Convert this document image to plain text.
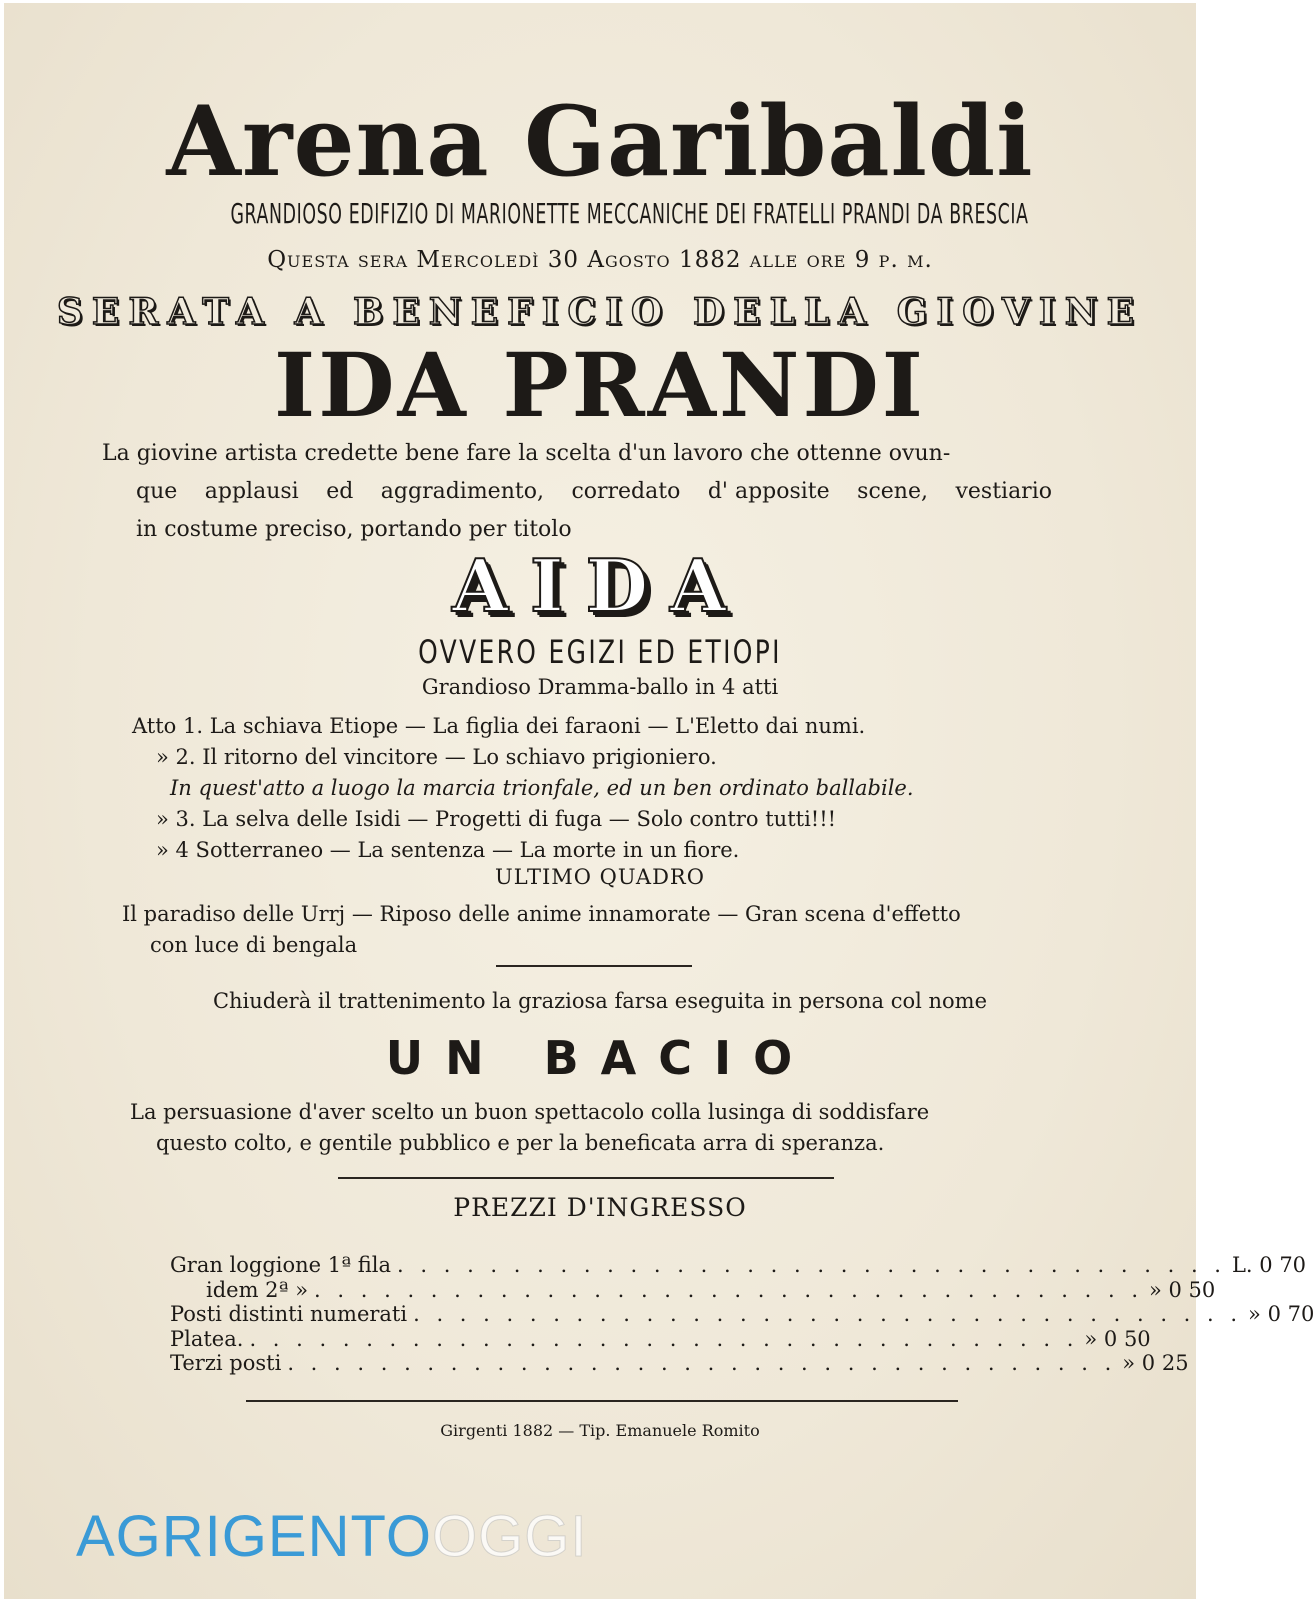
Arena Garibaldi
GRANDIOSO EDIFIZIO DI MARIONETTE MECCANICHE DEI FRATELLI PRANDI DA BRESCIA
Questa sera Mercoledì 30 Agosto 1882 alle ore 9 p. m.
SERATA A BENEFICIO DELLA GIOVINE
IDA PRANDI
La giovine artista credette bene fare la scelta d'un lavoro che ottenne ovun-
que applausi ed aggradimento, corredato d' apposite scene, vestiario
in costume preciso, portando per titolo
AIDA
OVVERO EGIZI ED ETIOPI
Grandioso Dramma-ballo in 4 atti
Atto 1. La schiava Etiope — La figlia dei faraoni — L'Eletto dai numi.
» 2. Il ritorno del vincitore — Lo schiavo prigioniero.
In quest'atto a luogo la marcia trionfale, ed un ben ordinato ballabile.
» 3. La selva delle Isidi — Progetti di fuga — Solo contro tutti!!!
» 4 Sotterraneo — La sentenza — La morte in un fiore.
ULTIMO QUADRO
Il paradiso delle Urrj — Riposo delle anime innamorate — Gran scena d'effetto
con luce di bengala
Chiuderà il trattenimento la graziosa farsa eseguita in persona col nome
UN BACIO
La persuasione d'aver scelto un buon spettacolo colla lusinga di soddisfare
questo colto, e gentile pubblico e per la beneficata arra di speranza.
PREZZI D'INGRESSO
Gran loggione 1ª fila . . . . . . . . . . . . . . . . . . . . . . . . . . . . . . . . . . . . L. 0 70
idem 2ª » . . . . . . . . . . . . . . . . . . . . . . . . . . . . . . . . . . . . » 0 50
Posti distinti numerati . . . . . . . . . . . . . . . . . . . . . . . . . . . . . . . . . . . . » 0 70
Platea. . . . . . . . . . . . . . . . . . . . . . . . . . . . . . . . . . . . . » 0 50
Terzi posti . . . . . . . . . . . . . . . . . . . . . . . . . . . . . . . . . . . . » 0 25
Girgenti 1882 — Tip. Emanuele Romito
AGRIGENTOOGGI
